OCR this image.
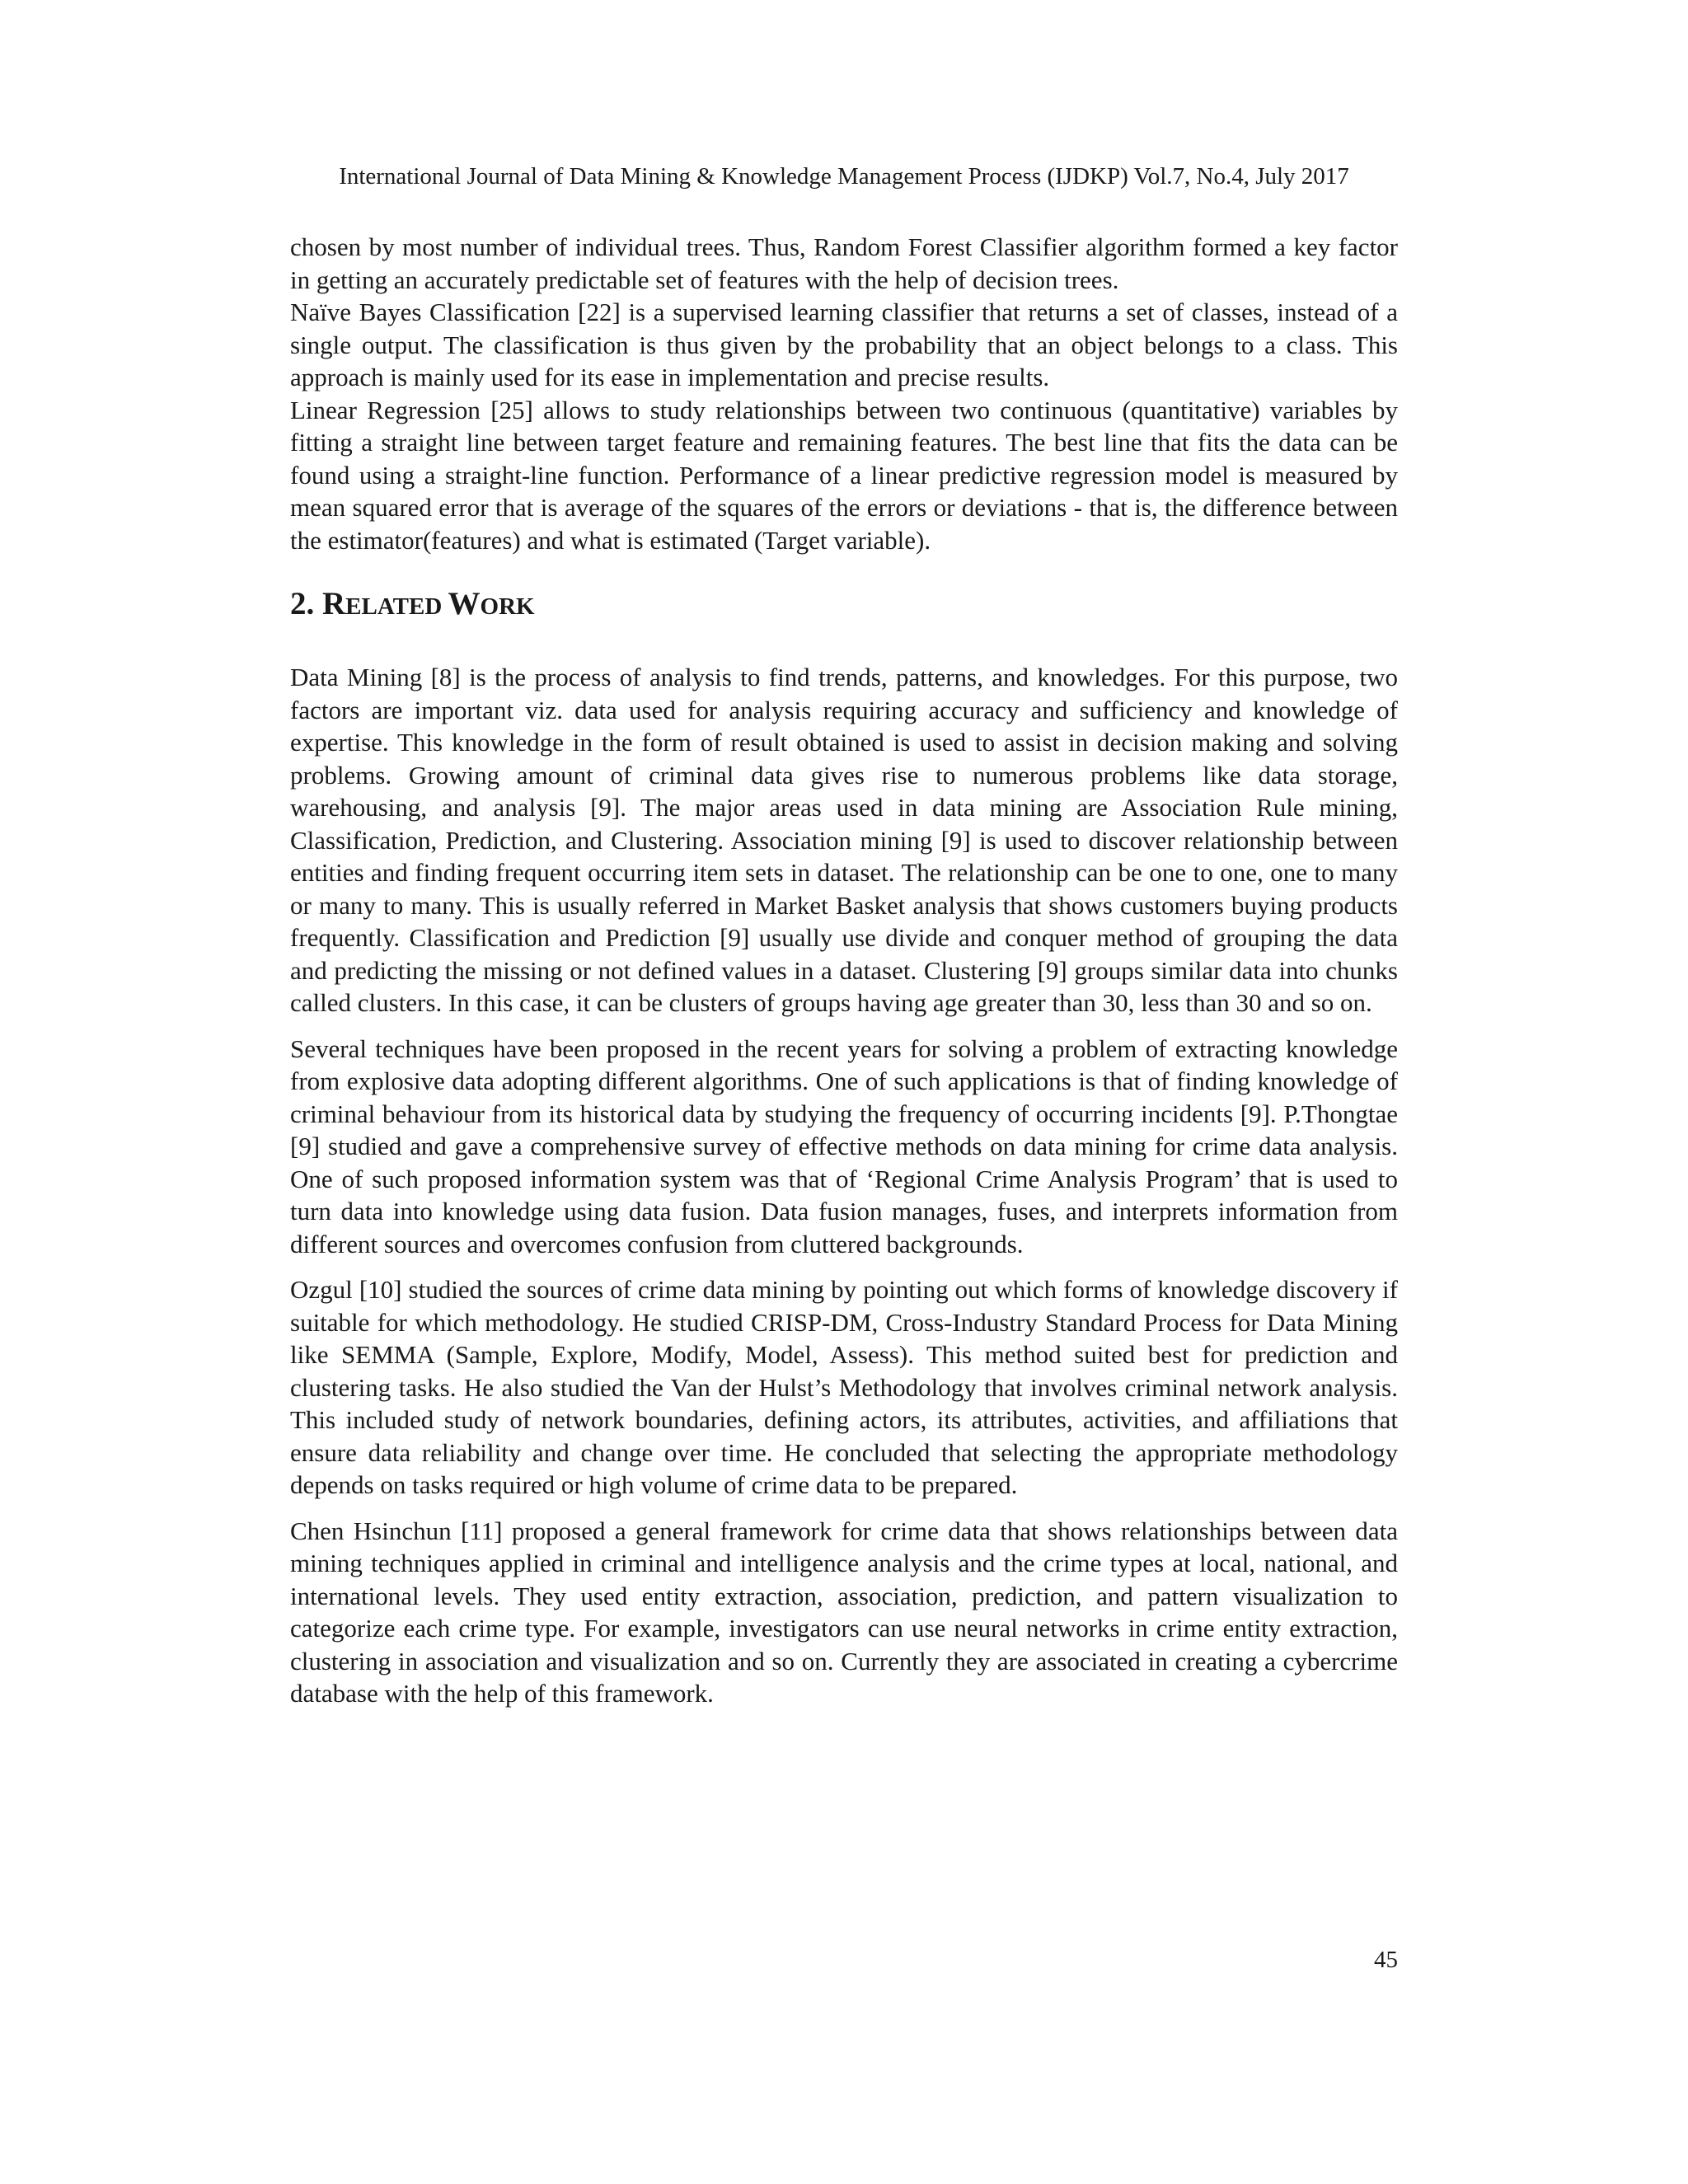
International Journal of Data Mining & Knowledge Management Process (IJDKP) Vol.7, No.4, July 2017

chosen by most number of individual trees. Thus, Random Forest Classifier algorithm formed a key factor in getting an accurately predictable set of features with the help of decision trees.

Naïve Bayes Classification [22] is a supervised learning classifier that returns a set of classes, instead of a single output. The classification is thus given by the probability that an object belongs to a class. This approach is mainly used for its ease in implementation and precise results.

Linear Regression [25] allows to study relationships between two continuous (quantitative) variables by fitting a straight line between target feature and remaining features. The best line that fits the data can be found using a straight-line function. Performance of a linear predictive regression model is measured by mean squared error that is average of the squares of the errors or deviations - that is, the difference between the estimator(features) and what is estimated (Target variable).

2. RELATED WORK

Data Mining [8] is the process of analysis to find trends, patterns, and knowledges. For this purpose, two factors are important viz. data used for analysis requiring accuracy and sufficiency and knowledge of expertise. This knowledge in the form of result obtained is used to assist in decision making and solving problems. Growing amount of criminal data gives rise to numerous problems like data storage, warehousing, and analysis [9]. The major areas used in data mining are Association Rule mining, Classification, Prediction, and Clustering. Association mining [9] is used to discover relationship between entities and finding frequent occurring item sets in dataset. The relationship can be one to one, one to many or many to many. This is usually referred in Market Basket analysis that shows customers buying products frequently. Classification and Prediction [9] usually use divide and conquer method of grouping the data and predicting the missing or not defined values in a dataset. Clustering [9] groups similar data into chunks called clusters. In this case, it can be clusters of groups having age greater than 30, less than 30 and so on.

Several techniques have been proposed in the recent years for solving a problem of extracting knowledge from explosive data adopting different algorithms. One of such applications is that of finding knowledge of criminal behaviour from its historical data by studying the frequency of occurring incidents [9]. P.Thongtae [9] studied and gave a comprehensive survey of effective methods on data mining for crime data analysis. One of such proposed information system was that of ‘Regional Crime Analysis Program’ that is used to turn data into knowledge using data fusion. Data fusion manages, fuses, and interprets information from different sources and overcomes confusion from cluttered backgrounds.

Ozgul [10] studied the sources of crime data mining by pointing out which forms of knowledge discovery if suitable for which methodology. He studied CRISP-DM, Cross-Industry Standard Process for Data Mining like SEMMA (Sample, Explore, Modify, Model, Assess). This method suited best for prediction and clustering tasks. He also studied the Van der Hulst’s Methodology that involves criminal network analysis. This included study of network boundaries, defining actors, its attributes, activities, and affiliations that ensure data reliability and change over time. He concluded that selecting the appropriate methodology depends on tasks required or high volume of crime data to be prepared.

Chen Hsinchun [11] proposed a general framework for crime data that shows relationships between data mining techniques applied in criminal and intelligence analysis and the crime types at local, national, and international levels. They used entity extraction, association, prediction, and pattern visualization to categorize each crime type. For example, investigators can use neural networks in crime entity extraction, clustering in association and visualization and so on. Currently they are associated in creating a cybercrime database with the help of this framework.

45
